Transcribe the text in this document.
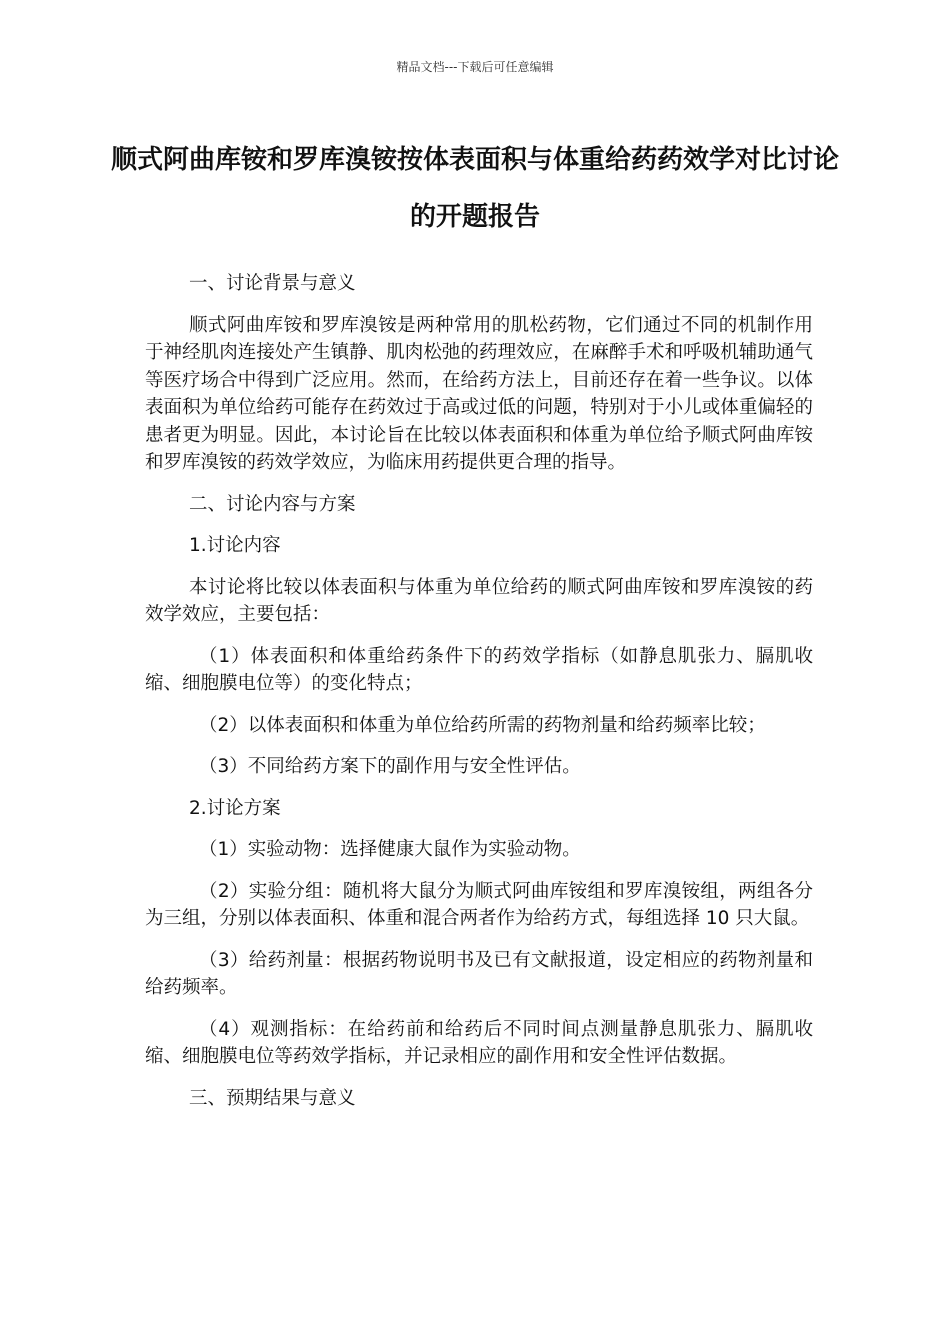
精品文档---下载后可任意编辑
顺式阿曲库铵和罗库溴铵按体表面积与体重给药药效学对比讨论的开题报告

一、讨论背景与意义

顺式阿曲库铵和罗库溴铵是两种常用的肌松药物，它们通过不同的机制作用于神经肌肉连接处产生镇静、肌肉松弛的药理效应，在麻醉手术和呼吸机辅助通气等医疗场合中得到广泛应用。然而，在给药方法上，目前还存在着一些争议。以体表面积为单位给药可能存在药效过于高或过低的问题，特别对于小儿或体重偏轻的患者更为明显。因此，本讨论旨在比较以体表面积和体重为单位给予顺式阿曲库铵和罗库溴铵的药效学效应，为临床用药提供更合理的指导。

二、讨论内容与方案

1.讨论内容

本讨论将比较以体表面积与体重为单位给药的顺式阿曲库铵和罗库溴铵的药效学效应，主要包括：

（1）体表面积和体重给药条件下的药效学指标（如静息肌张力、膈肌收缩、细胞膜电位等）的变化特点；

（2）以体表面积和体重为单位给药所需的药物剂量和给药频率比较；

（3）不同给药方案下的副作用与安全性评估。

2.讨论方案

（1）实验动物：选择健康大鼠作为实验动物。

（2）实验分组：随机将大鼠分为顺式阿曲库铵组和罗库溴铵组，两组各分为三组，分别以体表面积、体重和混合两者作为给药方式，每组选择 10 只大鼠。

（3）给药剂量：根据药物说明书及已有文献报道，设定相应的药物剂量和给药频率。

（4）观测指标：在给药前和给药后不同时间点测量静息肌张力、膈肌收缩、细胞膜电位等药效学指标，并记录相应的副作用和安全性评估数据。

三、预期结果与意义
